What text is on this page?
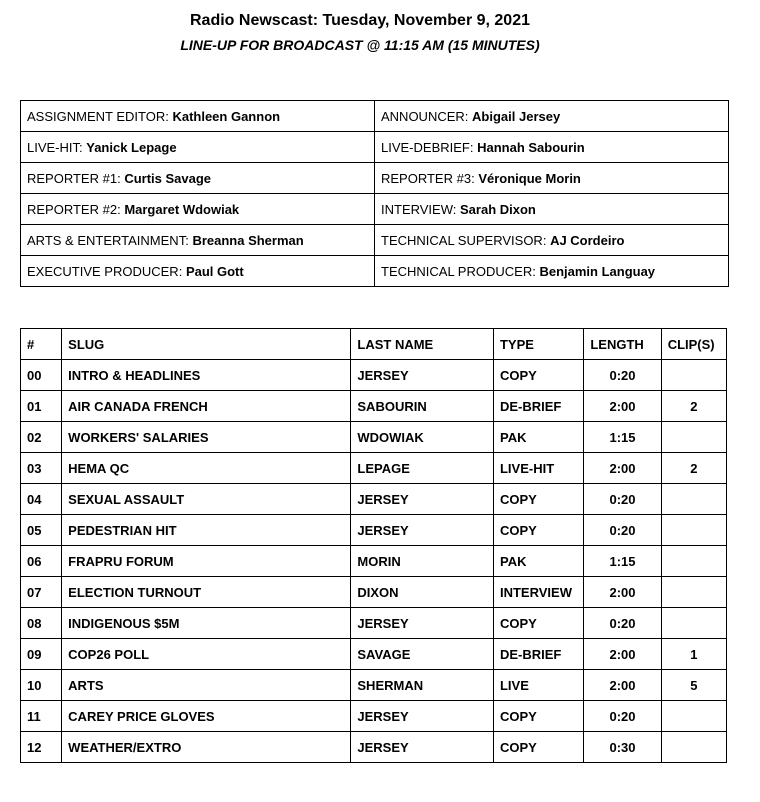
Radio Newscast: Tuesday, November 9, 2021
LINE-UP FOR BROADCAST @ 11:15 AM (15 MINUTES)
ASSIGNMENT EDITOR: Kathleen Gannon	ANNOUNCER: Abigail Jersey
LIVE-HIT: Yanick Lepage	LIVE-DEBRIEF: Hannah Sabourin
REPORTER #1: Curtis Savage	REPORTER #3: Véronique Morin
REPORTER #2: Margaret Wdowiak	INTERVIEW: Sarah Dixon
ARTS & ENTERTAINMENT: Breanna Sherman	TECHNICAL SUPERVISOR: AJ Cordeiro
EXECUTIVE PRODUCER: Paul Gott	TECHNICAL PRODUCER: Benjamin Languay
#	SLUG	LAST NAME	TYPE	LENGTH	CLIP(S)
00	INTRO & HEADLINES	JERSEY	COPY	0:20	
01	AIR CANADA FRENCH	SABOURIN	DE-BRIEF	2:00	2
02	WORKERS' SALARIES	WDOWIAK	PAK	1:15	
03	HEMA QC	LEPAGE	LIVE-HIT	2:00	2
04	SEXUAL ASSAULT	JERSEY	COPY	0:20	
05	PEDESTRIAN HIT	JERSEY	COPY	0:20	
06	FRAPRU FORUM	MORIN	PAK	1:15	
07	ELECTION TURNOUT	DIXON	INTERVIEW	2:00	
08	INDIGENOUS $5M	JERSEY	COPY	0:20	
09	COP26 POLL	SAVAGE	DE-BRIEF	2:00	1
10	ARTS	SHERMAN	LIVE	2:00	5
11	CAREY PRICE GLOVES	JERSEY	COPY	0:20	
12	WEATHER/EXTRO	JERSEY	COPY	0:30	
